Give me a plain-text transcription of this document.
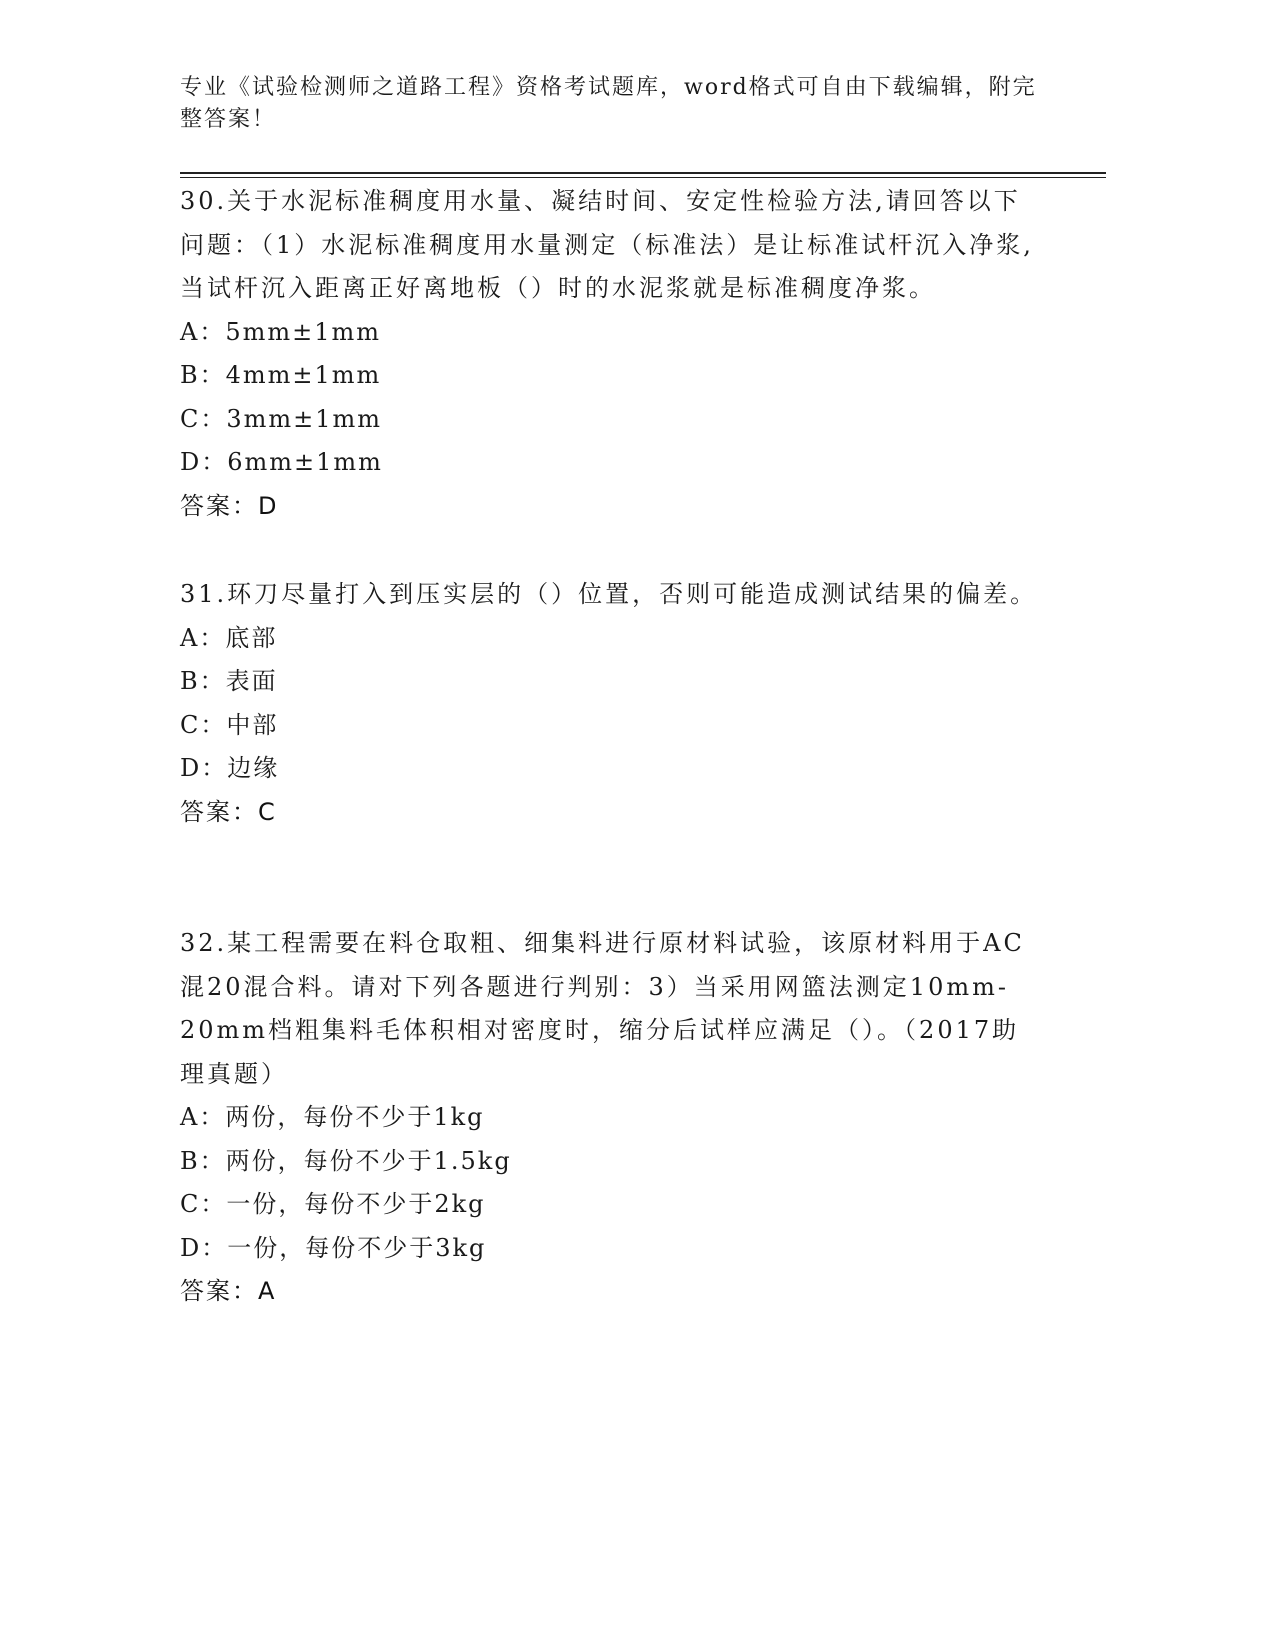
专业《试验检测师之道路工程》资格考试题库，word格式可自由下载编辑，附完整答案！

30.关于水泥标准稠度用水量、凝结时间、安定性检验方法,请回答以下问题：（1）水泥标准稠度用水量测定（标准法）是让标准试杆沉入净浆,当试杆沉入距离正好离地板（）时的水泥浆就是标准稠度净浆。

A：5mm±1mm

B：4mm±1mm

C：3mm±1mm

D：6mm±1mm

答案：D

31.环刀尽量打入到压实层的（）位置，否则可能造成测试结果的偏差。

A：底部

B：表面

C：中部

D：边缘

答案：C

32.某工程需要在料仓取粗、细集料进行原材料试验，该原材料用于AC混20混合料。请对下列各题进行判别：3）当采用网篮法测定10mm-20mm档粗集料毛体积相对密度时，缩分后试样应满足（）。（2017助理真题）

A：两份，每份不少于1kg

B：两份，每份不少于1.5kg

C：一份，每份不少于2kg

D：一份，每份不少于3kg

答案：A
